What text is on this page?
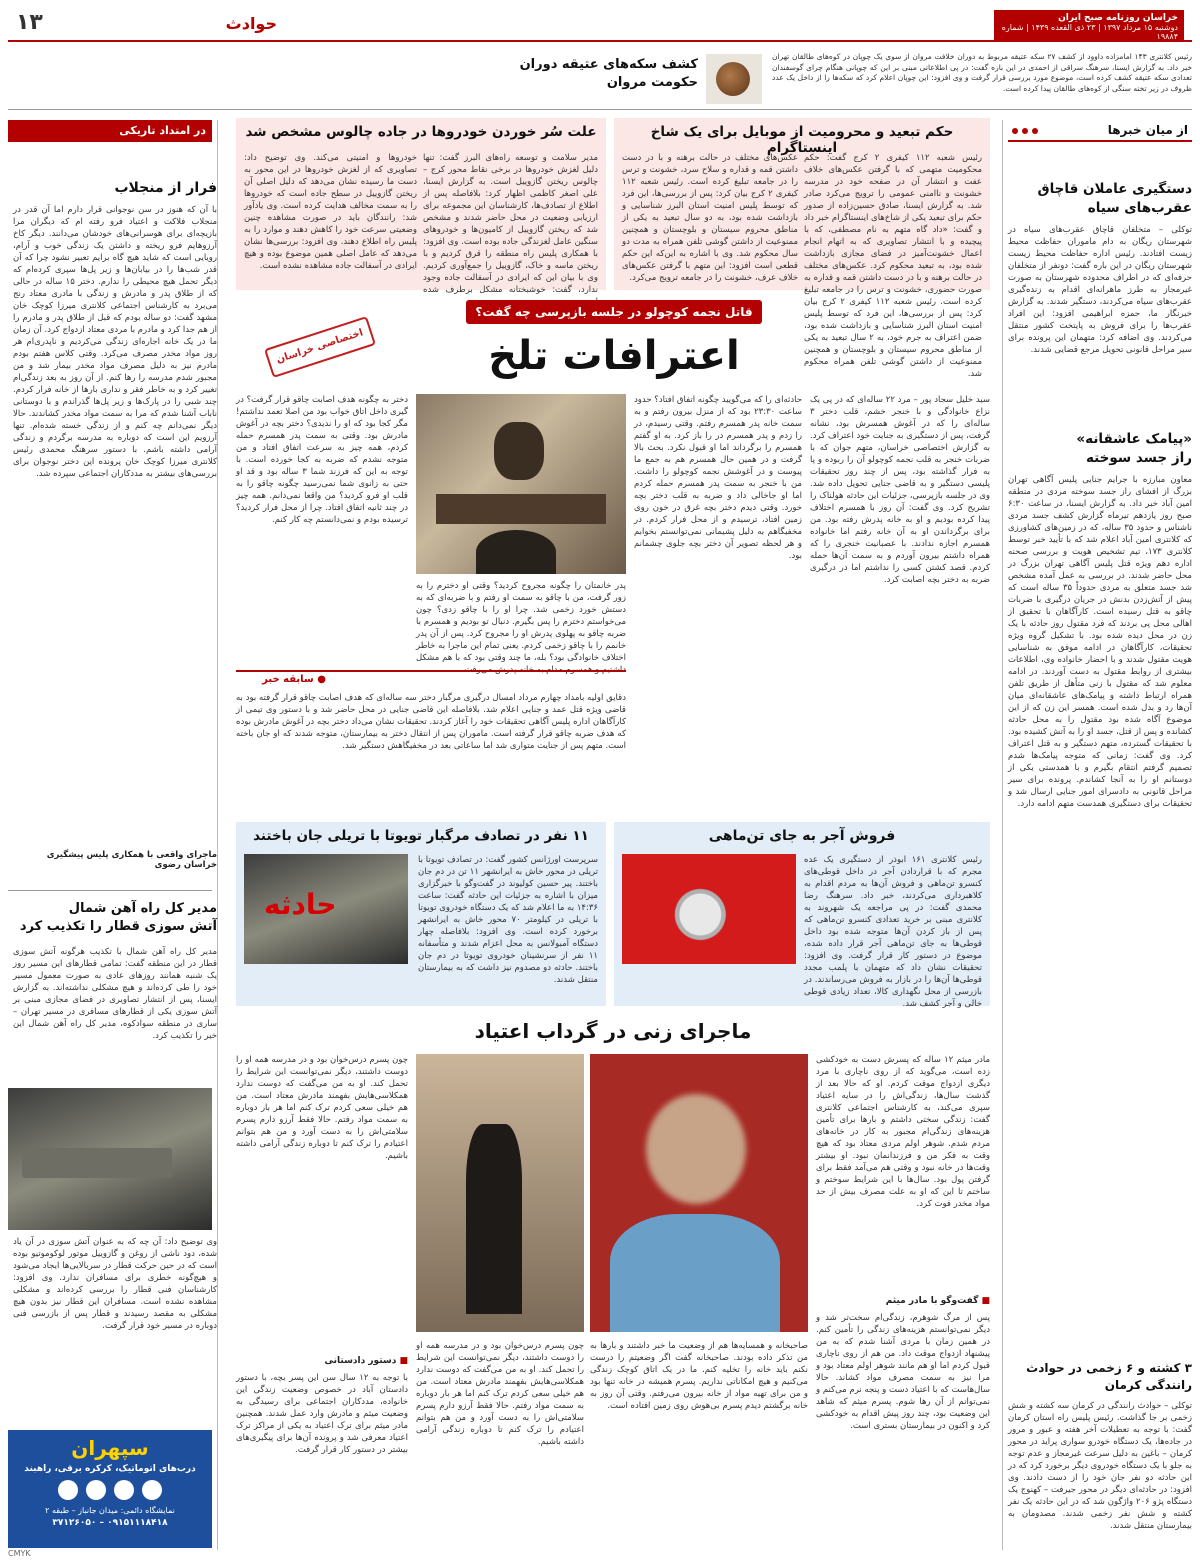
۱۳	حوادث	خراسان روزنامه صبح ایران
دوشنبه ۱۵ مرداد ۱۳۹۷ | ۲۳ ذی القعده ۱۴۳۹ | شماره ۱۹۸۸۴
رئیس کلانتری ۱۴۳ امامزاده داوود از کشف ۲۷ سکه عتیقه مربوط به دوران خلافت مروان از سوی یک چوپان در کوه‌های طالقان تهران خبر داد. به گزارش ایسنا، سرهنگ سراقی از احمدی در این باره گفت: در پی اطلاعاتی مبنی بر این که چوپانی هنگام چرای گوسفندان تعدادی سکه عتیقه کشف کرده است، موضوع مورد بررسی قرار گرفت و وی افزود: این چوپان اعلام کرد که سکه‌ها را از داخل یک عدد ظروف در زیر تخته سنگی از کوه‌های طالقان پیدا کرده است.
کشف سکه‌های عتیقه دوران
حکومت مروان
از میان خبرها
دستگیری عاملان قاچاق عقرب‌های سیاه
توکلی – متخلفان قاچاق عقرب‌های سیاه در شهرستان ریگان به دام ماموران حفاظت محیط زیست افتادند. رئیس اداره حفاظت محیط زیست شهرستان ریگان در این باره گفت: دونفر از متخلفان حرفه‌ای که در اطراف محدوده شهرستان به صورت غیرمجاز به طرز ماهرانه‌ای اقدام به زنده‌گیری عقرب‌های سیاه می‌کردند، دستگیر شدند. به گزارش خبرنگار ما، حمزه ابراهیمی افزود: این افراد عقرب‌ها را برای فروش به پایتخت کشور منتقل می‌کردند. وی اضافه کرد: متهمان این پرونده برای سیر مراحل قانونی تحویل مرجع قضایی شدند.
«پیامک عاشقانه»
راز جسد سوخته
معاون مبارزه با جرایم جنایی پلیس آگاهی تهران بزرگ از افشای راز جسد سوخته مردی در منطقه امین آباد خبر داد. به گزارش ایسنا، در ساعت ۶:۳۰ صبح روز یازدهم تیرماه گزارش کشف جسد مردی ناشناس و حدود ۳۵ ساله، که در زمین‌های کشاورزی که کلانتری امین آباد اعلام شد که با تأیید خبر توسط کلانتری ۱۷۳، تیم تشخیص هویت و بررسی صحنه اداره دهم ویژه قتل پلیس آگاهی تهران بزرگ در محل حاضر شدند. در بررسی به عمل آمده مشخص شد جسد متعلق به مردی حدوداً ۳۵ ساله است که پیش از آتش‌زدن بدنش در جریان درگیری با ضربات چاقو به قتل رسیده است. کارآگاهان با تحقیق از اهالی محل پی بردند که فرد مقتول روز حادثه با یک زن در محل دیده شده بود. با تشکیل گروه ویژه تحقیقات، کارآگاهان در ادامه موفق به شناسایی هویت مقتول شدند و با احضار خانواده وی، اطلاعات بیشتری از روابط مقتول به دست آوردند. در ادامه معلوم شد که مقتول با زنی متأهل از طریق تلفن همراه ارتباط داشته و پیامک‌های عاشقانه‌ای میان آن‌ها رد و بدل شده است. همسر این زن که از این موضوع آگاه شده بود مقتول را به محل حادثه کشانده و پس از قتل، جسد او را به آتش کشیده بود. با تحقیقات گسترده، متهم دستگیر و به قتل اعتراف کرد. وی گفت: زمانی که متوجه پیامک‌ها شدم تصمیم گرفتم انتقام بگیرم و با همدستی یکی از دوستانم او را به آنجا کشاندم. پرونده برای سیر مراحل قانونی به دادسرای امور جنایی ارسال شد و تحقیقات برای دستگیری همدست متهم ادامه دارد.
۳ کشته و ۶ زخمی در حوادث
رانندگی کرمان
توکلی – حوادث رانندگی در کرمان سه کشته و شش زخمی بر جا گذاشت. رئیس پلیس راه استان کرمان گفت: با توجه به تعطیلات آخر هفته و عبور و مرور در جاده‌ها، یک دستگاه خودرو سواری پراید در محور کرمان – باغین به دلیل سرعت غیرمجاز و عدم توجه به جلو با یک دستگاه خودروی دیگر برخورد کرد که در این حادثه دو نفر جان خود را از دست دادند. وی افزود: در حادثه‌ای دیگر در محور جیرفت – کهنوج یک دستگاه پژو ۲۰۶ واژگون شد که در این حادثه یک نفر کشته و شش نفر زخمی شدند. مصدومان به بیمارستان منتقل شدند.
در امتداد تاریکی
فرار از منجلاب
با آن که هنوز در سن نوجوانی قرار دارم اما آن قدر در منجلاب فلاکت و اعتیاد فرو رفته ام که دیگران مرا بازیچه‌ای برای هوسرانی‌های خودشان می‌دانند. دیگر کاخ آرزوهایم فرو ریخته و داشتن یک زندگی خوب و آرام، رویایی است که شاید هیچ گاه برایم تعبیر نشود چرا که آن قدر شب‌ها را در بیابان‌ها و زیر پل‌ها سپری کرده‌ام که دیگر تحمل هیچ محیطی را ندارم. دختر ۱۵ ساله در حالی که از طلاق پدر و مادرش و زندگی با مادری معتاد رنج می‌برد به کارشناس اجتماعی کلانتری میرزا کوچک خان مشهد گفت: دو ساله بودم که قبل از طلاق پدر و مادرم را از هم جدا کرد و مادرم با مردی معتاد ازدواج کرد. آن زمان ما در یک خانه اجاره‌ای زندگی می‌کردیم و ناپدری‌ام هر روز مواد مخدر مصرف می‌کرد. وقتی کلاس هفتم بودم مادرم نیز به دلیل مصرف مواد مخدر بیمار شد و من مجبور شدم مدرسه را رها کنم. از آن روز به بعد زندگی‌ام تغییر کرد و به خاطر فقر و نداری بارها از خانه فرار کردم. چند شبی را در پارک‌ها و زیر پل‌ها گذراندم و با دوستانی ناباب آشنا شدم که مرا به سمت مواد مخدر کشاندند. حالا دیگر نمی‌دانم چه کنم و از زندگی خسته شده‌ام. تنها آرزویم این است که دوباره به مدرسه برگردم و زندگی آرامی داشته باشم. با دستور سرهنگ محمدی رئیس کلانتری میرزا کوچک خان پرونده این دختر نوجوان برای بررسی‌های بیشتر به مددکاران اجتماعی سپرده شد.
ماجرای واقعی با همکاری پلیس پیشگیری
خراسان رضوی
مدیر کل راه آهن شمال
آتش سوزی قطار را تکذیب کرد
مدیر کل راه آهن شمال با تکذیب هرگونه آتش سوزی قطار در این منطقه گفت: تمامی قطارهای این مسیر روز یک شنبه همانند روزهای عادی به صورت معمول مسیر خود را طی کرده‌اند و هیچ مشکلی نداشته‌اند. به گزارش ایسنا، پس از انتشار تصاویری در فضای مجازی مبنی بر آتش سوزی یکی از قطارهای مسافری در مسیر تهران – ساری در منطقه سوادکوه، مدیر کل راه آهن شمال این خبر را تکذیب کرد.
وی توضیح داد: آن چه که به عنوان آتش سوزی در آن یاد شده، دود ناشی از روغن و گازوییل موتور لوکوموتیو بوده است که در حین حرکت قطار در سربالایی‌ها ایجاد می‌شود و هیچ‌گونه خطری برای مسافران ندارد. وی افزود: کارشناسان فنی قطار را بررسی کرده‌اند و مشکلی مشاهده نشده است. مسافران این قطار نیز بدون هیچ مشکلی به مقصد رسیدند و قطار پس از بازرسی فنی دوباره در مسیر خود قرار گرفت.
سپهران
درب‌های اتوماتیک، کرکره برقی، راهبند
نمایشگاه دائمی: میدان جانباز – طبقه ۲
۰۹۱۵۱۱۱۸۴۱۸ – ۳۷۱۲۶۰۵۰
حکم تبعید و محرومیت از موبایل برای یک شاخ اینستاگرام
رئیس شعبه ۱۱۲ کیفری ۲ کرج گفت: حکم محکومیت متهمی که با گرفتن عکس‌های خلاف عفت و انتشار آن در صفحه خود در مدرسه خشونت و ناامنی عمومی را ترویج می‌کرد صادر شد. به گزارش ایسنا، صادق حسین‌زاده از صدور حکم برای تبعید یکی از شاخ‌های اینستاگرام خبر داد و گفت: «داد گاه متهم به نام مصطفی، که با پیچیده و با انتشار تصاویری که به اتهام انجام اعمال خشونت‌آمیز در فضای مجازی بازداشت شده بود، به تبعید محکوم کرد. عکس‌های مختلف در حالت برهنه و با در دست داشتن قمه و قداره به صورت حضوری، خشونت و ترس را در جامعه تبلیغ کرده است. رئیس شعبه ۱۱۲ کیفری ۲ کرج بیان کرد: پس از بررسی‌ها، این فرد که توسط پلیس امنیت استان البرز شناسایی و بازداشت شده بود، ضمن اعتراف به جرم خود، به ۲ سال تبعید به یکی از مناطق محروم سیستان و بلوچستان و همچنین ممنوعیت از داشتن گوشی تلفن همراه محکوم شد.
عکس‌های مختلف در حالت برهنه و با در دست داشتن قمه و قداره و سلاح سرد، خشونت و ترس را در جامعه تبلیغ کرده است. رئیس شعبه ۱۱۲ کیفری ۲ کرج بیان کرد: پس از بررسی‌ها، این فرد که توسط پلیس امنیت استان البرز شناسایی و بازداشت شده بود، به دو سال تبعید به یکی از مناطق محروم سیستان و بلوچستان و همچنین ممنوعیت از داشتن گوشی تلفن همراه به مدت دو سال محکوم شد. وی با اشاره به این‌که این حکم قطعی است افزود: این متهم با گرفتن عکس‌های خلاف عرف، خشونت را در جامعه ترویج می‌کرد.
علت سُر خوردن خودروها در جاده چالوس مشخص شد
مدیر سلامت و توسعه راه‌های البرز گفت: تنها دلیل لغزش خودروها در برخی نقاط محور کرج – چالوس ریختن گازوییل است. به گزارش ایسنا، علی اصغر کاظمی اظهار کرد: بلافاصله پس از اطلاع از تصادف‌ها، کارشناسان این مجموعه برای ارزیابی وضعیت در محل حاضر شدند و مشخص شد که ریختن گازوییل از کامیون‌ها و خودروهای سنگین عامل لغزندگی جاده بوده است. وی افزود: با همکاری پلیس راه منطقه را قرق کردیم و با ریختن ماسه و خاک، گازوییل را جمع‌آوری کردیم. وی با بیان این که ایرادی در آسفالت جاده وجود ندارد، گفت: خوشبختانه مشکل برطرف شده
خودروها و امنیتی می‌کند. وی توضیح داد: تصاویری که از لغزش خودروها در این محور به دست ما رسیده نشان می‌دهد که دلیل اصلی آن ریختن گازوییل در سطح جاده است که خودروها را به سمت مخالف هدایت کرده است. وی یادآور شد: رانندگان باید در صورت مشاهده چنین وضعیتی سرعت خود را کاهش دهند و موارد را به پلیس راه اطلاع دهند. وی افزود: بررسی‌ها نشان می‌دهد که عامل اصلی همین موضوع بوده و هیچ ایرادی در آسفالت جاده مشاهده نشده است.
قاتل نجمه کوچولو در جلسه بازپرسی چه گفت؟
اعترافات تلخ
اختصاصی خراسان
سید خلیل سجاد پور – مرد ۲۲ ساله‌ای که در پی یک نزاع خانوادگی و با خنجر خشم، قلب دختر ۳ ساله‌ای را که در آغوش همسرش بود، نشانه گرفت، پس از دستگیری به جنایت خود اعتراف کرد. به گزارش اختصاصی خراسان، متهم جوان که با ضربات خنجر به قلب نجمه کوچولو آن را ربوده و پا به فرار گذاشته بود، پس از چند روز تحقیقات پلیسی دستگیر و به قاضی جنایی تحویل داده شد. وی در جلسه بازپرسی، جزئیات این حادثه هولناک را تشریح کرد. وی گفت: آن روز با همسرم اختلاف پیدا کرده بودیم و او به خانه پدرش رفته بود. من برای برگرداندن او به آن خانه رفتم اما خانواده همسرم اجازه ندادند. با عصبانیت خنجری را که همراه داشتم بیرون آوردم و به سمت آن‌ها حمله کردم. قصد کشتن کسی را نداشتم اما در درگیری ضربه به دختر بچه اصابت کرد.
حادثه‌ای را که می‌گویید چگونه اتفاق افتاد؟ حدود ساعت ۲۳:۳۰ بود که از منزل بیرون رفتم و به سمت خانه پدر همسرم رفتم. وقتی رسیدم، در را زدم و پدر همسرم در را باز کرد. به او گفتم همسرم را برگرداند اما او قبول نکرد. بحث بالا گرفت و در همین حال همسرم هم به جمع ما پیوست و در آغوشش نجمه کوچولو را داشت. من با خنجر به سمت پدر همسرم حمله کردم اما او جاخالی داد و ضربه به قلب دختر بچه خورد. وقتی دیدم دختر بچه غرق در خون روی زمین افتاد، ترسیدم و از محل فرار کردم. در مخفیگاهم به دلیل پشیمانی نمی‌توانستم بخوابم و هر لحظه تصویر آن دختر بچه جلوی چشمانم بود.
پدر خانمتان را چگونه مجروح کردید؟ وقتی او دخترم را به زور گرفت، من با چاقو به سمت او رفتم و با ضربه‌ای که به دستش خورد زخمی شد. چرا او را با چاقو زدی؟ چون می‌خواستم دخترم را پس بگیرم. دنبال تو بودیم و همسرم با ضربه چاقو به پهلوی پدرش او را مجروح کرد. پس از آن پدر خانمم را با چاقو زخمی کردم. یعنی تمام این ماجرا به خاطر اختلاف خانوادگی بود؟ بله، ما چند وقتی بود که با هم مشکل داشتیم و همسرم مدام به خانه پدرش می‌رفت.
دختر به چگونه هدف اصابت چاقو قرار گرفت؟ در گیری داخل اتاق خواب بود من اصلا تعمد نداشتم! مگر کجا بود که او را ندیدی؟ دختر بچه در آغوش مادرش بود. وقتی به سمت پدر همسرم حمله کردم، همه چیز به سرعت اتفاق افتاد و من متوجه نشدم که ضربه به کجا خورده است. با توجه به این که فرزند شما ۳ ساله بود و قد او حتی به زانوی شما نمی‌رسید چگونه چاقو را به قلب او فرو کردید؟ من واقعا نمی‌دانم. همه چیز در چند ثانیه اتفاق افتاد. چرا از محل فرار کردید؟ ترسیده بودم و نمی‌دانستم چه کار کنم.
● سابقه خبر
دقایق اولیه بامداد چهارم مرداد امسال درگیری مرگبار دختر سه ساله‌ای که هدف اصابت چاقو قرار گرفته بود به قاضی ویژه قتل عمد و جنایی اعلام شد. بلافاصله این قاضی جنایی در محل حاضر شد و با دستور وی تیمی از کارآگاهان اداره پلیس آگاهی تحقیقات خود را آغاز کردند. تحقیقات نشان می‌داد دختر بچه در آغوش مادرش بوده که هدف ضربه چاقو قرار گرفته است. ماموران پس از انتقال دختر به بیمارستان، متوجه شدند که او جان باخته است. متهم پس از جنایت متواری شد اما ساعاتی بعد در مخفیگاهش دستگیر شد.
فروش آجر به جای تن‌ماهی
رئیس کلانتری ۱۶۱ ابوذر از دستگیری یک عده مجرم که با قراردادن آجر در داخل قوطی‌های کنسرو تن‌ماهی و فروش آن‌ها به مردم اقدام به کلاهبرداری می‌کردند، خبر داد. سرهنگ رضا محمدی گفت: در پی مراجعه یک شهروند به کلانتری مبنی بر خرید تعدادی کنسرو تن‌ماهی که پس از باز کردن آن‌ها متوجه شده بود داخل قوطی‌ها به جای تن‌ماهی آجر قرار داده شده، موضوع در دستور کار قرار گرفت. وی افزود: تحقیقات نشان داد که متهمان با پلمب مجدد قوطی‌ها آن‌ها را در بازار به فروش می‌رساندند. در بازرسی از محل نگهداری کالا، تعداد زیادی قوطی خالی و آجر کشف شد.
۱۱ نفر در تصادف مرگبار تویوتا با تریلی جان باختند
سرپرست اورژانس کشور گفت: در تصادف تویوتا با تریلی در محور خاش به ایرانشهر ۱۱ تن در دم جان باختند. پیر حسین کولیوند در گفت‌وگو با خبرگزاری میزان با اشاره به جزئیات این حادثه گفت: ساعت ۱۴:۳۶ به ما اعلام شد که یک دستگاه خودروی تویوتا با تریلی در کیلومتر ۷۰ محور خاش به ایرانشهر برخورد کرده است. وی افزود: بلافاصله چهار دستگاه آمبولانس به محل اعزام شدند و متأسفانه ۱۱ نفر از سرنشینان خودروی تویوتا در دم جان باختند. حادثه دو مصدوم نیز داشت که به بیمارستان منتقل شدند.
حادثه
ماجرای زنی در گرداب اعتیاد
مادر میثم ۱۲ ساله که پسرش دست به خودکشی زده است، می‌گوید که از روی ناچاری با مرد دیگری ازدواج موقت کردم. او که حالا بعد از گذشت سال‌ها، زندگی‌اش را در سایه اعتیاد سپری می‌کند، به کارشناس اجتماعی کلانتری گفت: زندگی سختی داشتم و بارها برای تأمین هزینه‌های زندگی‌ام مجبور به کار در خانه‌های مردم شدم. شوهر اولم مردی معتاد بود که هیچ وقت به فکر من و فرزندانمان نبود. او بیشتر وقت‌ها در خانه نبود و وقتی هم می‌آمد فقط برای گرفتن پول بود. سال‌ها با این شرایط سوختم و ساختم تا این که او به علت مصرف بیش از حد مواد مخدر فوت کرد.
■ گفت‌و‌گو با مادر میثم
پس از مرگ شوهرم، زندگی‌ام سخت‌تر شد و دیگر نمی‌توانستم هزینه‌های زندگی را تأمین کنم. در همین زمان با مردی آشنا شدم که به من پیشنهاد ازدواج موقت داد. من هم از روی ناچاری قبول کردم اما او هم مانند شوهر اولم معتاد بود و مرا نیز به سمت مصرف مواد کشاند. حالا سال‌هاست که با اعتیاد دست و پنجه نرم می‌کنم و نمی‌توانم از آن رها شوم. پسرم میثم که شاهد این وضعیت بود، چند روز پیش اقدام به خودکشی کرد و اکنون در بیمارستان بستری است.
صاحبخانه و همسایه‌ها هم از وضعیت ما خبر داشتند و بارها به من تذکر داده بودند. صاحبخانه گفت اگر وضعیتم را درست نکنم باید خانه را تخلیه کنم. ما در یک اتاق کوچک زندگی می‌کنیم و هیچ امکاناتی نداریم. پسرم همیشه در خانه تنها بود و من برای تهیه مواد از خانه بیرون می‌رفتم. وقتی آن روز به خانه برگشتم دیدم پسرم بی‌هوش روی زمین افتاده است.
چون پسرم درس‌خوان بود و در مدرسه همه او را دوست داشتند، دیگر نمی‌توانست این شرایط را تحمل کند. او به من می‌گفت که دوست ندارد همکلاسی‌هایش بفهمند مادرش معتاد است. من هم خیلی سعی کردم ترک کنم اما هر بار دوباره به سمت مواد رفتم. حالا فقط آرزو دارم پسرم سلامتی‌اش را به دست آورد و من هم بتوانم اعتیادم را ترک کنم تا دوباره زندگی آرامی داشته باشیم.
چون پسرم درس‌خوان بود و در مدرسه همه او را دوست داشتند، دیگر نمی‌توانست این شرایط را تحمل کند. او به من می‌گفت که دوست ندارد همکلاسی‌هایش بفهمند مادرش معتاد است. من هم خیلی سعی کردم ترک کنم اما هر بار دوباره به سمت مواد رفتم. حالا فقط آرزو دارم پسرم سلامتی‌اش را به دست آورد و من هم بتوانم اعتیادم را ترک کنم تا دوباره زندگی آرامی داشته باشیم.
■ دستور دادستانی
با توجه به ۱۲ سال سن این پسر بچه، با دستور دادستان آباد در خصوص وضعیت زندگی این خانواده، مددکاران اجتماعی برای رسیدگی به وضعیت میثم و مادرش وارد عمل شدند. همچنین مادر میثم برای ترک اعتیاد به یکی از مراکز ترک اعتیاد معرفی شد و پرونده آن‌ها برای پیگیری‌های بیشتر در دستور کار قرار گرفت.
CMYK
